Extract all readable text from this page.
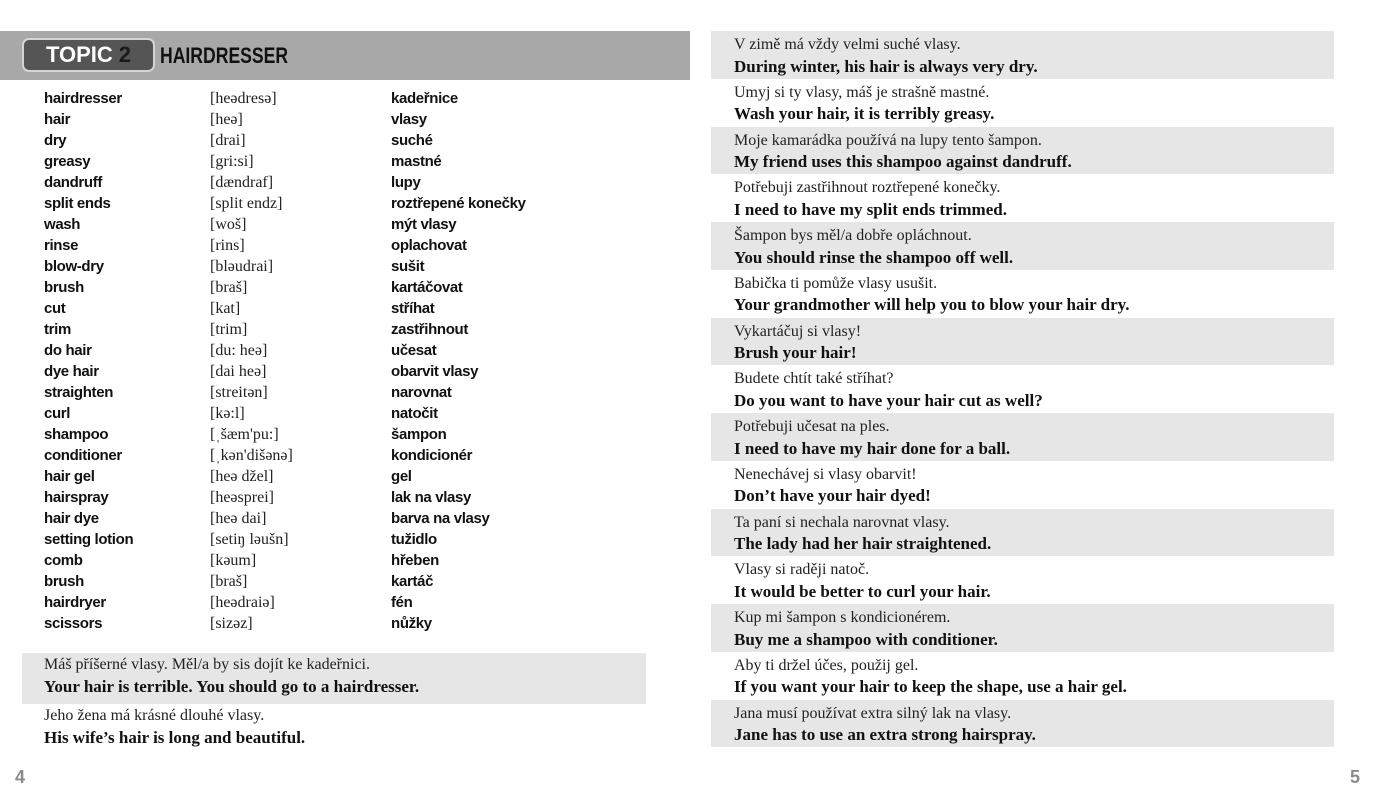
TOPIC 2	HAIRDRESSER
hairdresser	[heədresə]	kadeřnice
hair	[heə]	vlasy
dry	[drai]	suché
greasy	[gri:si]	mastné
dandruff	[dændraf]	lupy
split ends	[split endz]	roztřepené konečky
wash	[woš]	mýt vlasy
rinse	[rins]	oplachovat
blow-dry	[bləudrai]	sušit
brush	[braš]	kartáčovat
cut	[kat]	stříhat
trim	[trim]	zastřihnout
do hair	[du: heə]	učesat
dye hair	[dai heə]	obarvit vlasy
straighten	[streitən]	narovnat
curl	[kə:l]	natočit
shampoo	[ˌšæm'pu:]	šampon
conditioner	[ˌkən'dišənə]	kondicionér
hair gel	[heə džel]	gel
hairspray	[heəsprei]	lak na vlasy
hair dye	[heə dai]	barva na vlasy
setting lotion	[setiŋ ləušn]	tužidlo
comb	[kəum]	hřeben
brush	[braš]	kartáč
hairdryer	[heədraiə]	fén
scissors	[sizəz]	nůžky
Máš příšerné vlasy. Měl/a by sis dojít ke kadeřnici.
Your hair is terrible. You should go to a hairdresser.
Jeho žena má krásné dlouhé vlasy.
His wife’s hair is long and beautiful.
V zimě má vždy velmi suché vlasy.
During winter, his hair is always very dry.
Umyj si ty vlasy, máš je strašně mastné.
Wash your hair, it is terribly greasy.
Moje kamarádka používá na lupy tento šampon.
My friend uses this shampoo against dandruff.
Potřebuji zastřihnout roztřepené konečky.
I need to have my split ends trimmed.
Šampon bys měl/a dobře opláchnout.
You should rinse the shampoo off well.
Babička ti pomůže vlasy usušit.
Your grandmother will help you to blow your hair dry.
Vykartáčuj si vlasy!
Brush your hair!
Budete chtít také stříhat?
Do you want to have your hair cut as well?
Potřebuji učesat na ples.
I need to have my hair done for a ball.
Nenechávej si vlasy obarvit!
Don’t have your hair dyed!
Ta paní si nechala narovnat vlasy.
The lady had her hair straightened.
Vlasy si raději natoč.
It would be better to curl your hair.
Kup mi šampon s kondicionérem.
Buy me a shampoo with conditioner.
Aby ti držel účes, použij gel.
If you want your hair to keep the shape, use a hair gel.
Jana musí používat extra silný lak na vlasy.
Jane has to use an extra strong hairspray.
4	5
